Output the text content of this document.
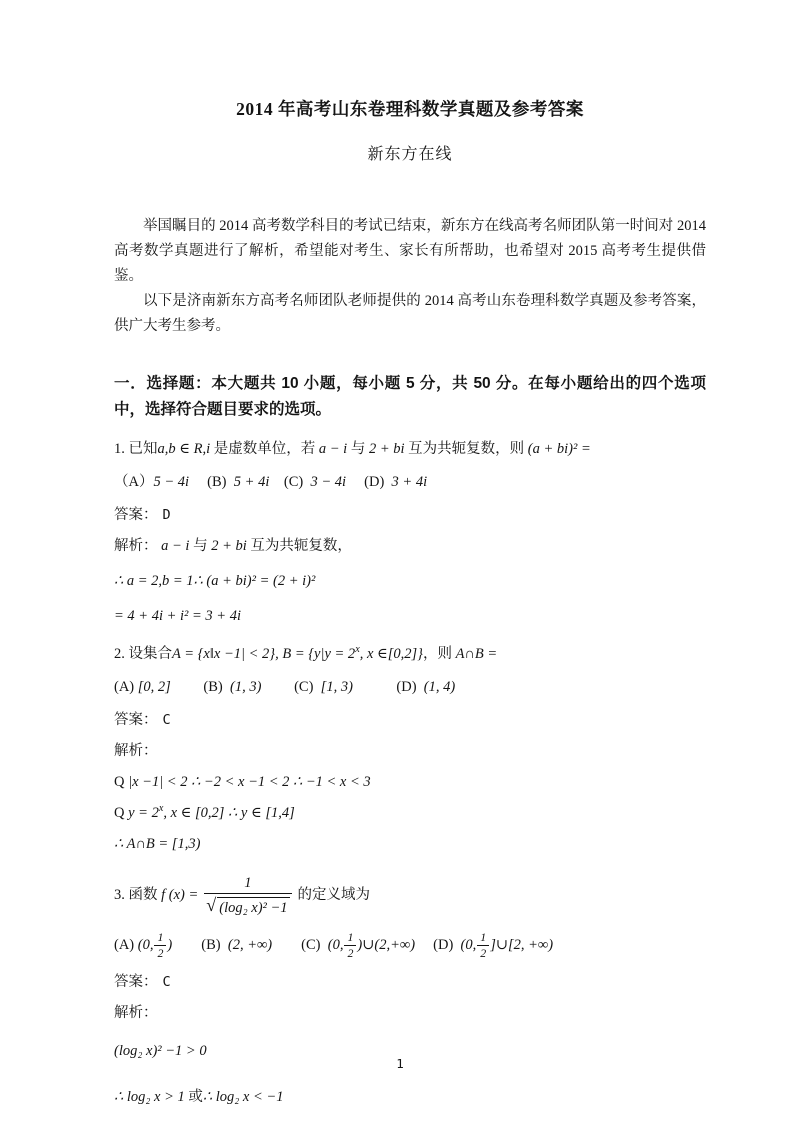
2014 年高考山东卷理科数学真题及参考答案
新东方在线

举国瞩目的 2014 高考数学科目的考试已结束，新东方在线高考名师团队第一时间对 2014 高考数学真题进行了解析，希望能对考生、家长有所帮助，也希望对 2015 高考考生提供借鉴。

以下是济南新东方高考名师团队老师提供的 2014 高考山东卷理科数学真题及参考答案，供广大考生参考。

一．选择题：本大题共 10 小题，每小题 5 分，共 50 分。在每小题给出的四个选项中，选择符合题目要求的选项。
1. 已知a,b ∈ R,i 是虚数单位，若 a − i 与 2 + bi 互为共轭复数，则 (a + bi)² =
（A）5 − 4i　 (B)  5 + 4i　(C)  3 − 4i　 (D)  3 + 4i
答案： D
解析： a − i 与 2 + bi 互为共轭复数，
∴ a = 2,b = 1∴ (a + bi)² = (2 + i)²
= 4 + 4i + i² = 3 + 4i
2. 设集合A = {x‖x −1| < 2}, $B = \{y|y = 2^x$, x ∈[0,2]}，则 A∩B =
(A) [0, 2]　　 (B)  (1, 3)　　 (C)  [1, 3)　　　(D)  (1, 4)
答案： C
解析：
Q |x −1| < 2 ∴ −2 < x −1 < 2 ∴ −1 < x < 3
Q $y = 2^x$, x ∈ [0,2] ∴ y ∈ [1,4]
∴ A∩B = [1,3)
3. 函数 f $(x) = \frac{1}{\text{√ (log₂ x)² −1}}$ 的定义域为
(A) (0, $\frac{1}{2}$ )　　(B)  (2, +∞)　　(C)  (0, $\frac{1}{2}$ )∪(2,+∞)　 (D)  (0, $\frac{1}{2}$ ]∪[2, +∞)
答案： C
解析：
(log₂ x)² −1 > 0
∴ log₂ x > 1 或∴ log₂ x < −1
1
